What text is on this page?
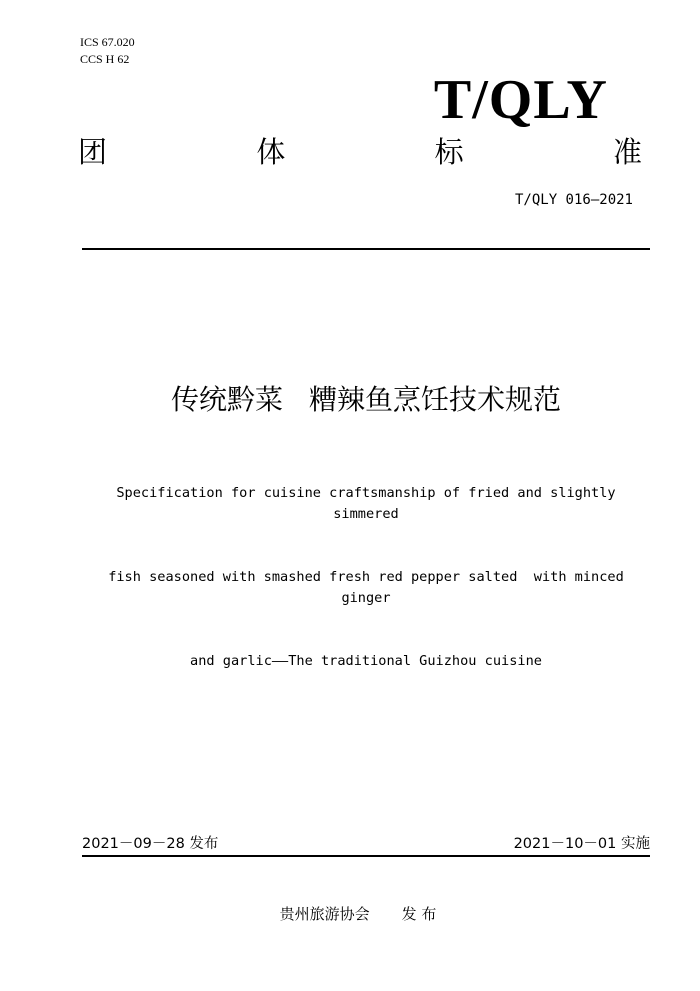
ICS 67.020
CCS H 62
T/QLY
团	体	标	准
T/QLY 016—2021
传统黔菜 糟辣鱼烹饪技术规范

Specification for cuisine craftsmanship of fried and slightly simmered

fish seasoned with smashed fresh red pepper salted  with minced ginger

and garlic——The traditional Guizhou cuisine

2021－09－28 发布	2021－10－01 实施
贵州旅游协会 发 布
